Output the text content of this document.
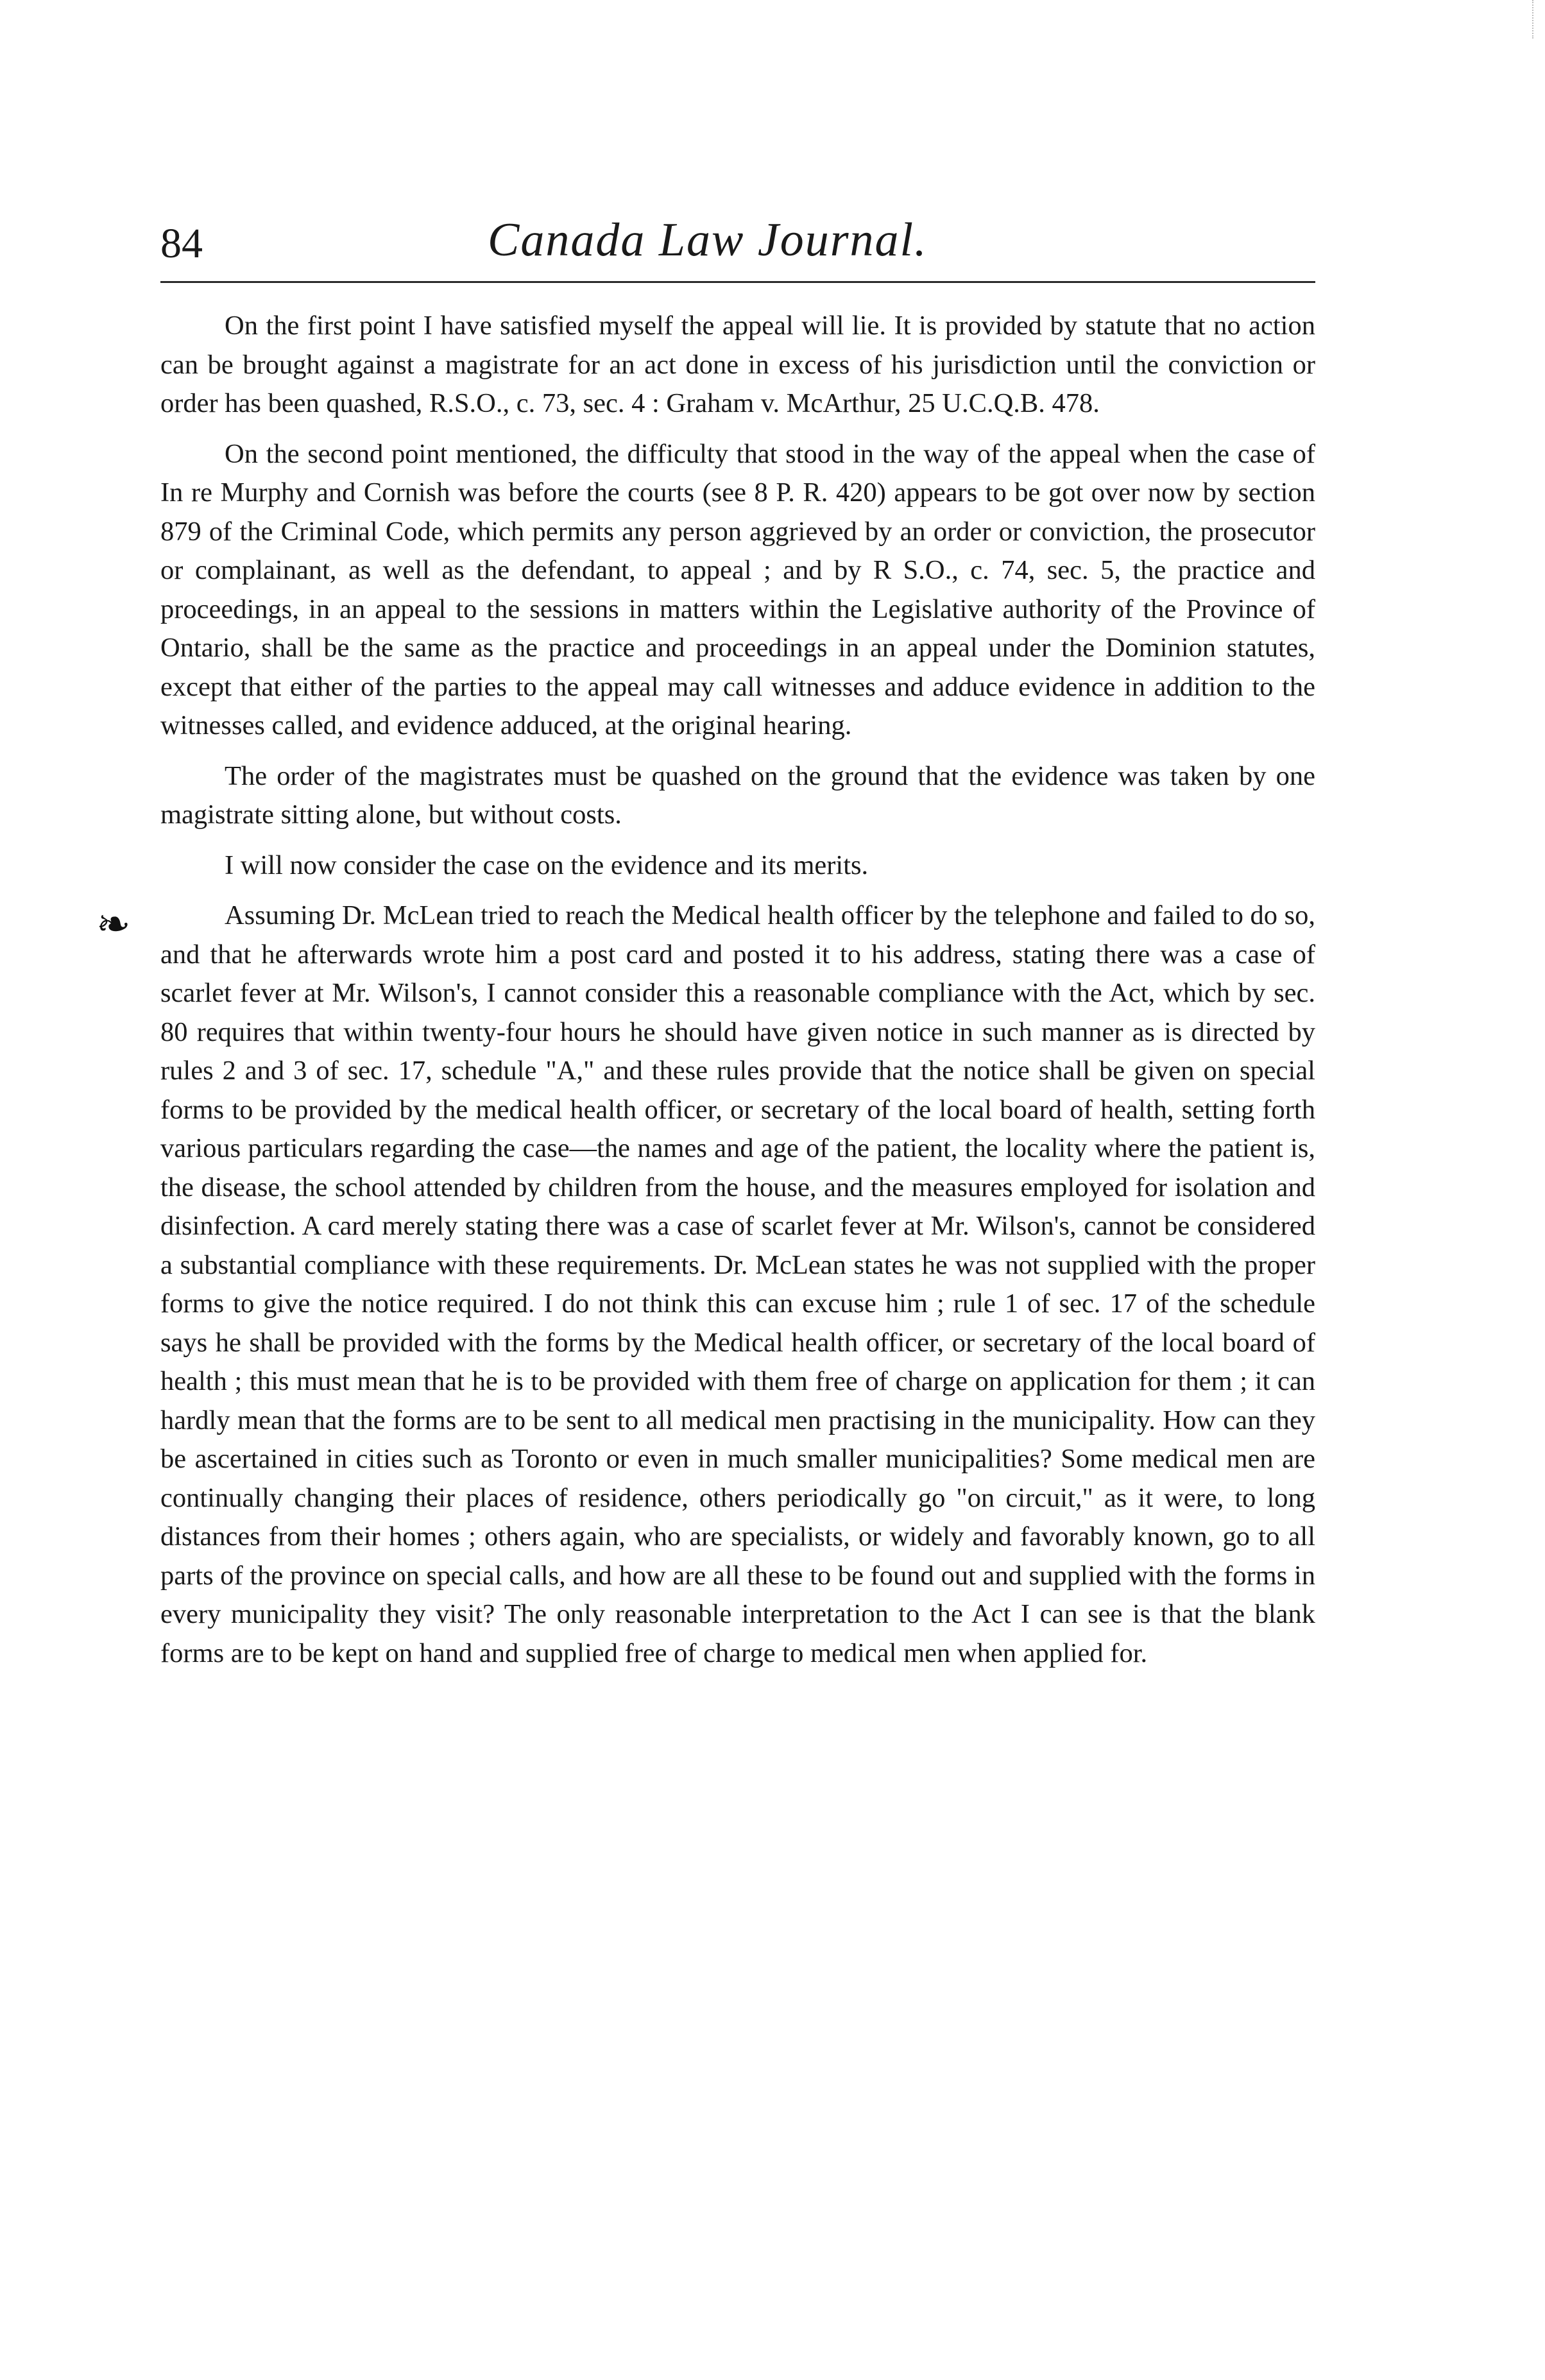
84	Canada Law Journal.
❧

On the first point I have satisfied myself the appeal will lie. It is provided by statute that no action can be brought against a magistrate for an act done in excess of his jurisdiction until the conviction or order has been quashed, R.S.O., c. 73, sec. 4 : Graham v. McArthur, 25 U.C.Q.B. 478.

On the second point mentioned, the difficulty that stood in the way of the appeal when the case of In re Murphy and Cornish was before the courts (see 8 P. R. 420) appears to be got over now by section 879 of the Criminal Code, which permits any person aggrieved by an order or conviction, the prosecutor or complainant, as well as the defendant, to appeal ; and by R S.O., c. 74, sec. 5, the practice and proceedings, in an appeal to the sessions in matters within the Legislative authority of the Province of Ontario, shall be the same as the practice and proceedings in an appeal under the Dominion statutes, except that either of the parties to the appeal may call witnesses and adduce evidence in addition to the witnesses called, and evidence adduced, at the original hearing.

The order of the magistrates must be quashed on the ground that the evidence was taken by one magistrate sitting alone, but without costs.

I will now consider the case on the evidence and its merits.

Assuming Dr. McLean tried to reach the Medical health officer by the telephone and failed to do so, and that he afterwards wrote him a post card and posted it to his address, stating there was a case of scarlet fever at Mr. Wilson's, I cannot consider this a reasonable compliance with the Act, which by sec. 80 requires that within twenty-four hours he should have given notice in such manner as is directed by rules 2 and 3 of sec. 17, schedule "A," and these rules provide that the notice shall be given on special forms to be provided by the medical health officer, or secretary of the local board of health, setting forth various particulars regarding the case—the names and age of the patient, the locality where the patient is, the disease, the school attended by children from the house, and the measures employed for isolation and disinfection. A card merely stating there was a case of scarlet fever at Mr. Wilson's, cannot be considered a substantial compliance with these requirements. Dr. McLean states he was not supplied with the proper forms to give the notice required. I do not think this can excuse him ; rule 1 of sec. 17 of the schedule says he shall be provided with the forms by the Medical health officer, or secretary of the local board of health ; this must mean that he is to be provided with them free of charge on application for them ; it can hardly mean that the forms are to be sent to all medical men practising in the municipality. How can they be ascertained in cities such as Toronto or even in much smaller municipalities? Some medical men are continually changing their places of residence, others periodically go "on circuit," as it were, to long distances from their homes ; others again, who are specialists, or widely and favorably known, go to all parts of the province on special calls, and how are all these to be found out and supplied with the forms in every municipality they visit? The only reasonable interpretation to the Act I can see is that the blank forms are to be kept on hand and supplied free of charge to medical men when applied for.
